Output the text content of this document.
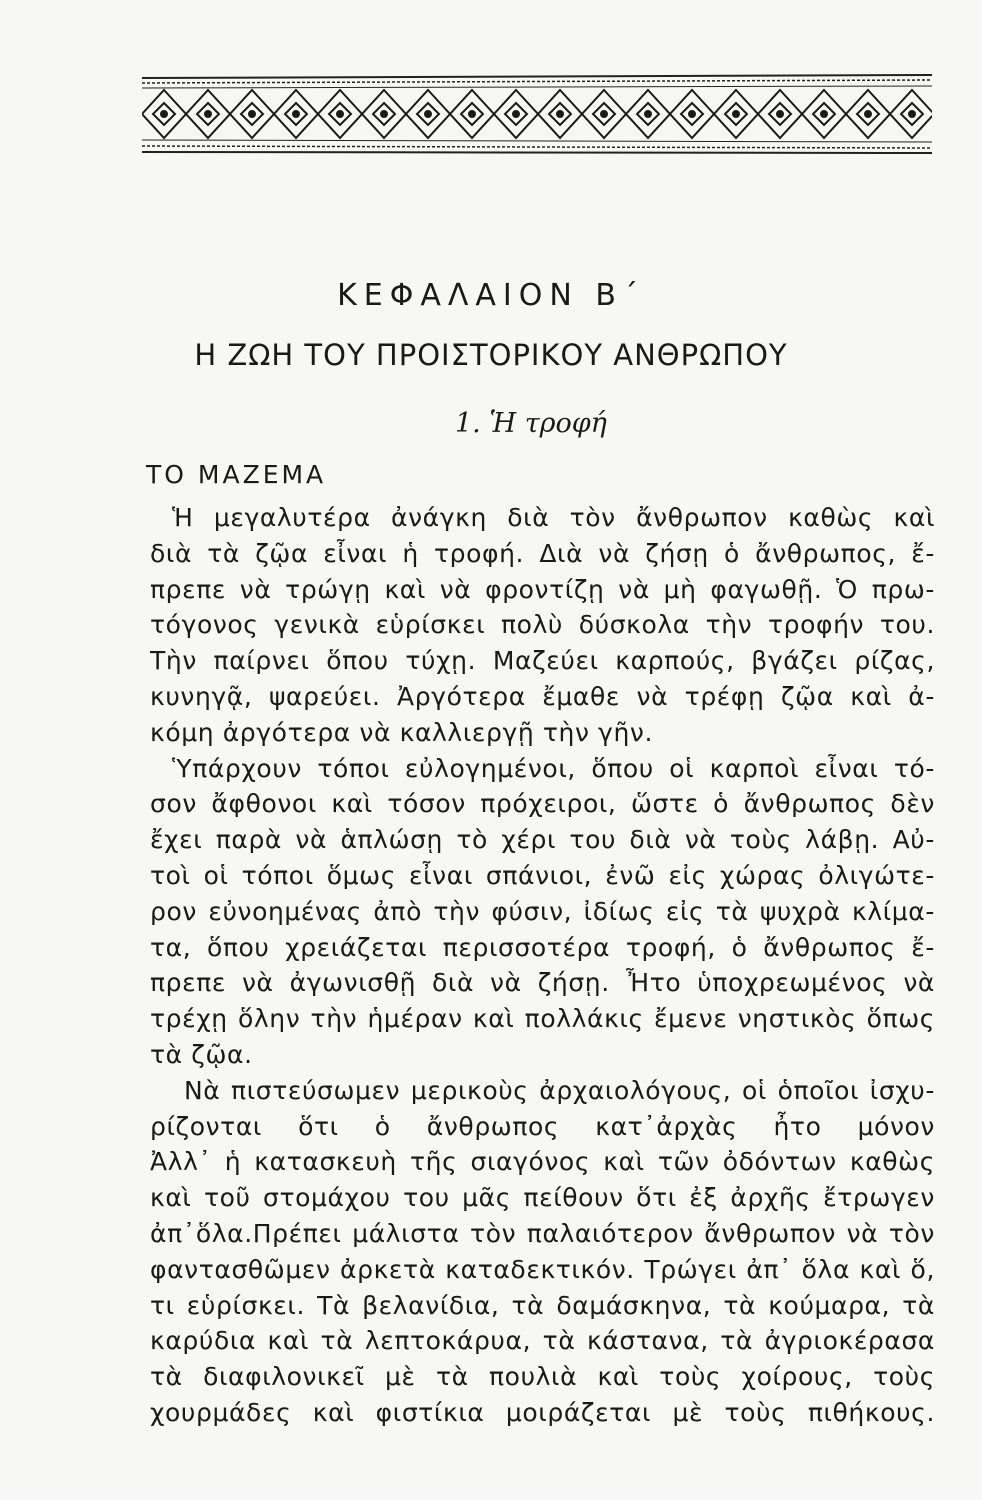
ΚΕΦΑΛΑΙΟΝ Β΄
Η ΖΩΗ ΤΟΥ ΠΡΟΙΣΤΟΡΙΚΟΥ ΑΝΘΡΩΠΟΥ
1. Ἡ τροφή
ΤΟ ΜΑΖΕΜΑ
Ἡ μεγαλυτέρα ἀνάγκη διὰ τὸν ἄνθρωπον καθὼς καὶ
διὰ τὰ ζῷα εἶναι ἡ τροφή. Διὰ νὰ ζήσῃ ὁ ἄνθρωπος, ἔ-
πρεπε νὰ τρώγῃ καὶ νὰ φροντίζῃ νὰ μὴ φαγωθῇ. Ὁ πρω-
τόγονος γενικὰ εὑρίσκει πολὺ δύσκολα τὴν τροφήν του.
Τὴν παίρνει ὅπου τύχῃ. Μαζεύει καρπούς, βγάζει ρίζας,
κυνηγᾷ, ψαρεύει. Ἀργότερα ἔμαθε νὰ τρέφῃ ζῷα καὶ ἀ-
κόμη ἀργότερα νὰ καλλιεργῇ τὴν γῆν.
Ὑπάρχουν τόποι εὐλογημένοι, ὅπου οἱ καρποὶ εἶναι τό-
σον ἄφθονοι καὶ τόσον πρόχειροι, ὥστε ὁ ἄνθρωπος δὲν
ἔχει παρὰ νὰ ἁπλώσῃ τὸ χέρι του διὰ νὰ τοὺς λάβῃ. Αὐ-
τοὶ οἱ τόποι ὅμως εἶναι σπάνιοι, ἐνῶ εἰς χώρας ὀλιγώτε-
ρον εὐνοημένας ἀπὸ τὴν φύσιν, ἰδίως εἰς τὰ ψυχρὰ κλίμα-
τα, ὅπου χρειάζεται περισσοτέρα τροφή, ὁ ἄνθρωπος ἔ-
πρεπε νὰ ἀγωνισθῇ διὰ νὰ ζήσῃ. Ἦτο ὑποχρεωμένος νὰ
τρέχῃ ὅλην τὴν ἡμέραν καὶ πολλάκις ἔμενε νηστικὸς ὅπως
τὰ ζῷα.
Νὰ πιστεύσωμεν μερικοὺς ἀρχαιολόγους, οἱ ὁποῖοι ἰσχυ-
ρίζονται ὅτι ὁ ἄνθρωπος κατ᾽ἀρχὰς ἦτο μόνον
Ἀλλ᾽ ἡ κατασκευὴ τῆς σιαγόνος καὶ τῶν ὀδόντων καθὼς
καὶ τοῦ στομάχου του μᾶς πείθουν ὅτι ἐξ ἀρχῆς ἔτρωγεν
ἀπ᾽ὅλα.Πρέπει μάλιστα τὸν παλαιότερον ἄνθρωπον νὰ τὸν
φαντασθῶμεν ἀρκετὰ καταδεκτικόν. Τρώγει ἀπ᾽ ὅλα καὶ ὅ,
τι εὑρίσκει. Τὰ βελανίδια, τὰ δαμάσκηνα, τὰ κούμαρα, τὰ
καρύδια καὶ τὰ λεπτοκάρυα, τὰ κάστανα, τὰ ἀγριοκέρασα
τὰ διαφιλονικεῖ μὲ τὰ πουλιὰ καὶ τοὺς χοίρους, τοὺς
χουρμάδες καὶ φιστίκια μοιράζεται μὲ τοὺς πιθήκους.
